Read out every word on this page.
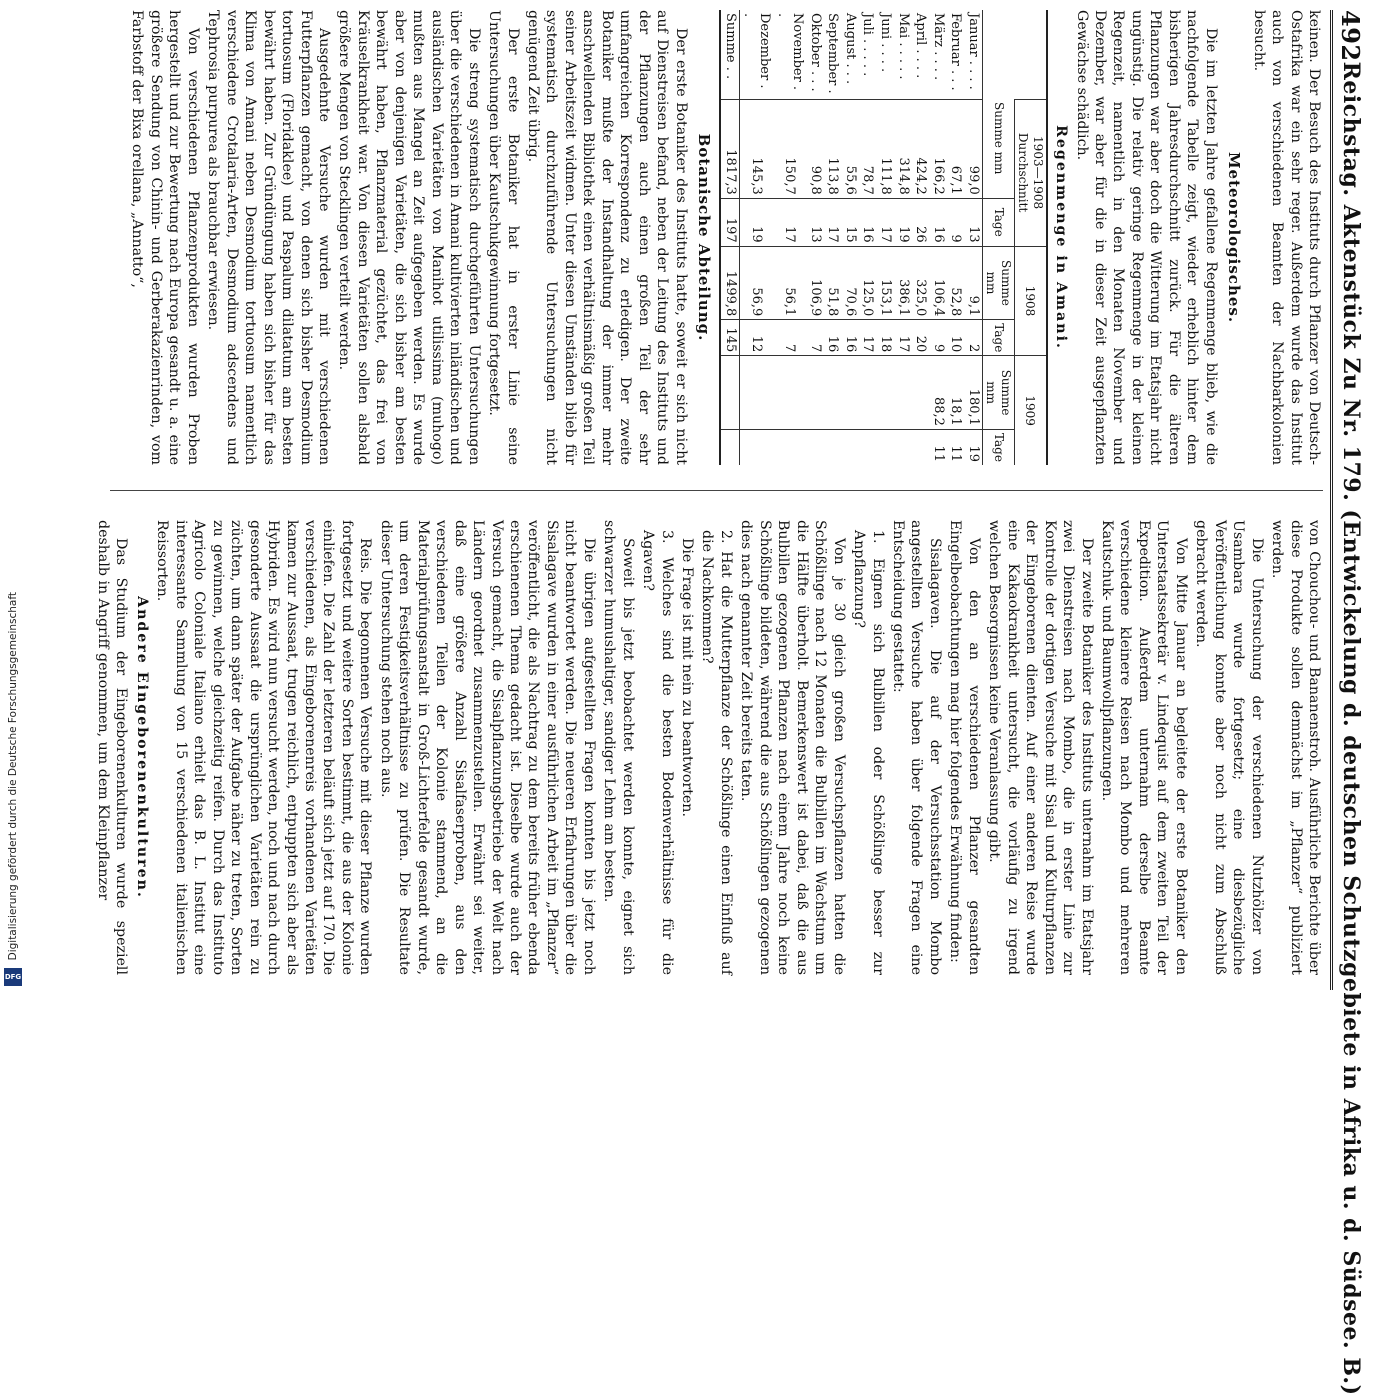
492
Reichstag. Aktenstück Zu Nr. 179. (Entwickelung d. deutschen Schutzgebiete in Afrika u. d. Südsee. B.)

keinen. Der Besuch des Instituts durch Pflanzer von Deutsch-Ostafrika war ein sehr reger. Außerdem wurde das Institut auch von verschiedenen Beamten der Nachbarkolonien besucht.

Meteorologisches.

Die im letzten Jahre gefallene Regenmenge blieb, wie die nachfolgende Tabelle zeigt, wieder erheblich hinter dem bisherigen Jahresdurchschnitt zurück. Für die älteren Pflanzungen war aber doch die Witterung im Etatsjahr nicht ungünstig. Die relativ geringe Regenmenge in der kleinen Regenzeit, namentlich in den Monaten November und Dezember, war aber für die in dieser Zeit ausgepflanzten Gewächse schädlich.

Regenmenge in Amani.
	1903—1908 Durchschnitt		1908		1909	
	Summe mm	Tage	Summe mm	Tage	Summe mm	Tage
Januar . . . .	99,0	13	9,1	2	180,1	19
Februar . . .	67,1	9	52,8	10	18,1	11
März . . . .	166,2	16	106,4	9	88,2	11
April . . . .	424,2	26	325,0	20		
Mai . . . . .	314,8	19	386,1	17		
Juni . . . .	111,8	17	153,1	18		
Juli . . . . .	78,7	16	125,0	17		
August . . .	55,6	15	70,6	16		
September .	113,8	17	51,8	16		
Oktober . . .	90,8	13	106,9	7		
November . .	150,7	17	56,1	7		
Dezember . .	145,3	19	56,9	12		
Summe . .	1817,3	197	1499,8	145		
Botanische Abteilung.

Der erste Botaniker des Instituts hatte, soweit er sich nicht auf Dienstreisen befand, neben der Leitung des Instituts und der Pflanzungen auch einen großen Teil der sehr umfangreichen Korrespondenz zu erledigen. Der zweite Botaniker mußte der Instandhaltung der immer mehr anschwellenden Bibliothek einen verhältnismäßig großen Teil seiner Arbeitszeit widmen. Unter diesen Umständen blieb für systematisch durchzuführende Untersuchungen nicht genügend Zeit übrig.

Der erste Botaniker hat in erster Linie seine Untersuchungen über Kautschukgewinnung fortgesetzt.

Die streng systematisch durchgeführten Untersuchungen über die verschiedenen in Amani kultivierten inländischen und ausländischen Varietäten von Manihot utilissima (muhogo) mußten aus Mangel an Zeit aufgegeben werden. Es wurde aber von denjenigen Varietäten, die sich bisher am besten bewährt haben, Pflanzmaterial gezüchtet, das frei von Kräuselkrankheit war. Von diesen Varietäten sollen alsbald größere Mengen von Stecklingen verteilt werden.

Ausgedehnte Versuche wurden mit verschiedenen Futterpflanzen gemacht, von denen sich bisher Desmodium tortuosum (Floridaklee) und Paspalum dilatatum am besten bewährt haben. Zur Gründüngung haben sich bisher für das Klima von Amani neben Desmodium tortuosum namentlich verschiedene Crotalaria-Arten, Desmodium adscendens und Tephrosia purpurea als brauchbar erwiesen.

Von verschiedenen Pflanzenprodukten wurden Proben hergestellt und zur Bewertung nach Europa gesandt u. a. eine größere Sendung von Chinin- und Gerberakazienrinden, vom Farbstoff der Bixa orellana, „Annatto“,

von Chouchou- und Bananenstroh. Ausführliche Berichte über diese Produkte sollen demnächst im „Pflanzer“ publiziert werden.

Die Untersuchung der verschiedenen Nutzhölzer von Usambara wurde fortgesetzt; eine diesbezügliche Veröffentlichung konnte aber noch nicht zum Abschluß gebracht werden.

Von Mitte Januar an begleitete der erste Botaniker den Unterstaatssekretär v. Lindequist auf dem zweiten Teil der Expedition. Außerdem unternahm derselbe Beamte verschiedene kleinere Reisen nach Mombo und mehreren Kautschuk- und Baumwollpflanzungen.

Der zweite Botaniker des Instituts unternahm im Etatsjahr zwei Dienstreisen nach Mombo, die in erster Linie zur Kontrolle der dortigen Versuche mit Sisal und Kulturpflanzen der Eingeborenen dienten. Auf einer anderen Reise wurde eine Kakaokrankheit untersucht, die vorläufig zu irgend welchen Besorgnissen keine Veranlassung gibt.

Von den an verschiedenen Pflanzer gesandten Eingelbeobachtungen mag hier folgendes Erwähnung finden:

Sisalagaven. Die auf der Versuchsstation Mombo angestellten Versuche haben über folgende Fragen eine Entscheidung gestattet:

1. Eignen sich Bulbillen oder Schößlinge besser zur Anpflanzung?

Von je 30 gleich großen Versuchspflanzen hatten die Schößlinge nach 12 Monaten die Bulbillen im Wachstum um die Hälfte überholt. Bemerkenswert ist dabei, daß die aus Bulbillen gezogenen Pflanzen nach einem Jahre noch keine Schößlinge bildeten, während die aus Schößlingen gezogenen dies nach genannter Zeit bereits taten.

2. Hat die Mutterpflanze der Schößlinge einen Einfluß auf die Nachkommen?

Die Frage ist mit nein zu beantworten.

3. Welches sind die besten Bodenverhältnisse für die Agaven?

Soweit bis jetzt beobachtet werden konnte, eignet sich schwarzer humushaltiger, sandiger Lehm am besten.

Die übrigen aufgestellten Fragen konnten bis jetzt noch nicht beantwortet werden. Die neueren Erfahrungen über die Sisalagave wurden in einer ausführlichen Arbeit im „Pflanzer“ veröffentlicht, die als Nachtrag zu dem bereits früher ebenda erschienenen Thema gedacht ist. Dieselbe wurde auch der Versuch gemacht, die Sisalpflanzungsbetriebe der Welt nach Ländern geordnet zusammenzustellen. Erwähnt sei weiter, daß eine größere Anzahl Sisalfaserproben, aus den verschiedenen Teilen der Kolonie stammend, an die Materialprüfungsanstalt in Groß-Lichterfelde gesandt wurde, um deren Festigkeitsverhältnisse zu prüfen. Die Resultate dieser Untersuchung stehen noch aus.

Reis. Die begonnenen Versuche mit dieser Pflanze wurden fortgesetzt und weitere Sorten bestimmt, die aus der Kolonie einliefen. Die Zahl der letzteren beläuft sich jetzt auf 170. Die verschiedenen, als Eingeborenenreis vorhandenen Varietäten kamen zur Aussaat, trugen reichlich, entpuppten sich aber als Hybriden. Es wird nun versucht werden, noch und nach durch gesonderte Aussaat die ursprünglichen Varietäten rein zu züchten, um dann später der Aufgabe näher zu treten, Sorten zu gewinnen, welche gleichzeitig reifen. Durch das Instituto Agricolo Coloniale Italiano erhielt das B. L. Institut eine interessante Sammlung von 15 verschiedenen italienischen Reissorten.

Andere Eingeborenenkulturen.

Das Studium der Eingeborenenkulturen wurde speziell deshalb in Angriff genommen, um dem Kleinpflanzer

Digitalisierung gefördert durch die Deutsche Forschungsgemeinschaft
DFG
